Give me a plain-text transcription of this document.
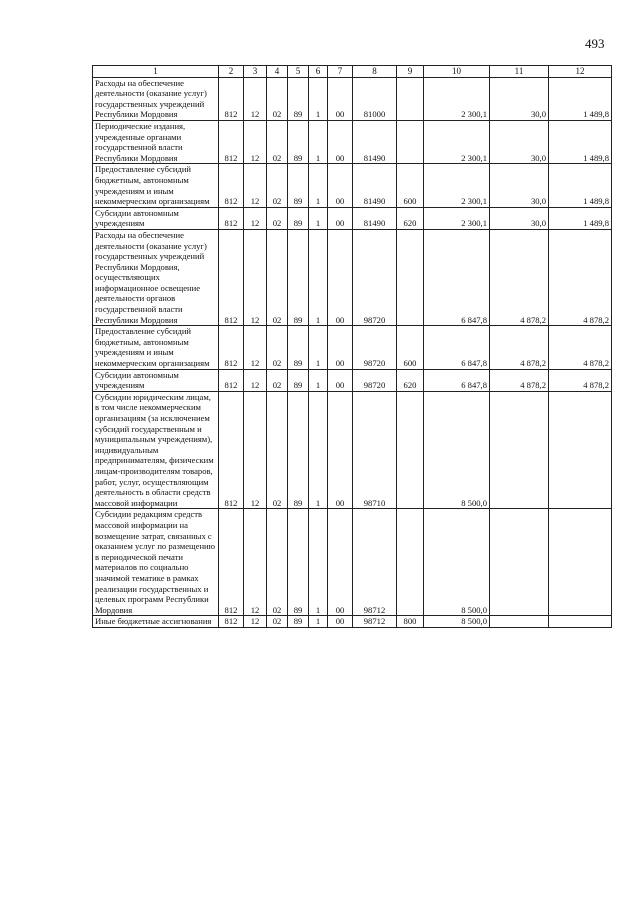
493
1	2	3	4	5	6	7	8	9	10	11	12
Расходы на обеспечение деятельности (оказание услуг) государственных учреждений Республики Мордовия	812	12	02	89	1	00	81000		2 300,1	30,0	1 489,8
Периодические издания, учрежденные органами государственной власти Республики Мордовия	812	12	02	89	1	00	81490		2 300,1	30,0	1 489,8
Предоставление субсидий бюджетным, автономным учреждениям и иным некоммерческим организациям	812	12	02	89	1	00	81490	600	2 300,1	30,0	1 489,8
Субсидии автономным учреждениям	812	12	02	89	1	00	81490	620	2 300,1	30,0	1 489,8
Расходы на обеспечение деятельности (оказание услуг) государственных учреждений Республики Мордовия, осуществляющих информационное освещение деятельности органов государственной власти Республики Мордовия	812	12	02	89	1	00	98720		6 847,8	4 878,2	4 878,2
Предоставление субсидий бюджетным, автономным учреждениям и иным некоммерческим организациям	812	12	02	89	1	00	98720	600	6 847,8	4 878,2	4 878,2
Субсидии автономным учреждениям	812	12	02	89	1	00	98720	620	6 847,8	4 878,2	4 878,2
Субсидии юридическим лицам, в том числе некоммерческим организациям (за исключением субсидий государственным и муниципальным учреждениям), индивидуальным предпринимателям, физическим лицам-производителям товаров, работ, услуг, осуществляющим деятельность в области средств массовой информации	812	12	02	89	1	00	98710		8 500,0		
Субсидии редакциям средств массовой информации на возмещение затрат, связанных с оказанием услуг по размещению в периодической печати материалов по социально значимой тематике в рамках реализации государственных и целевых программ Республики Мордовия	812	12	02	89	1	00	98712		8 500,0		
Иные бюджетные ассигнования	812	12	02	89	1	00	98712	800	8 500,0		
